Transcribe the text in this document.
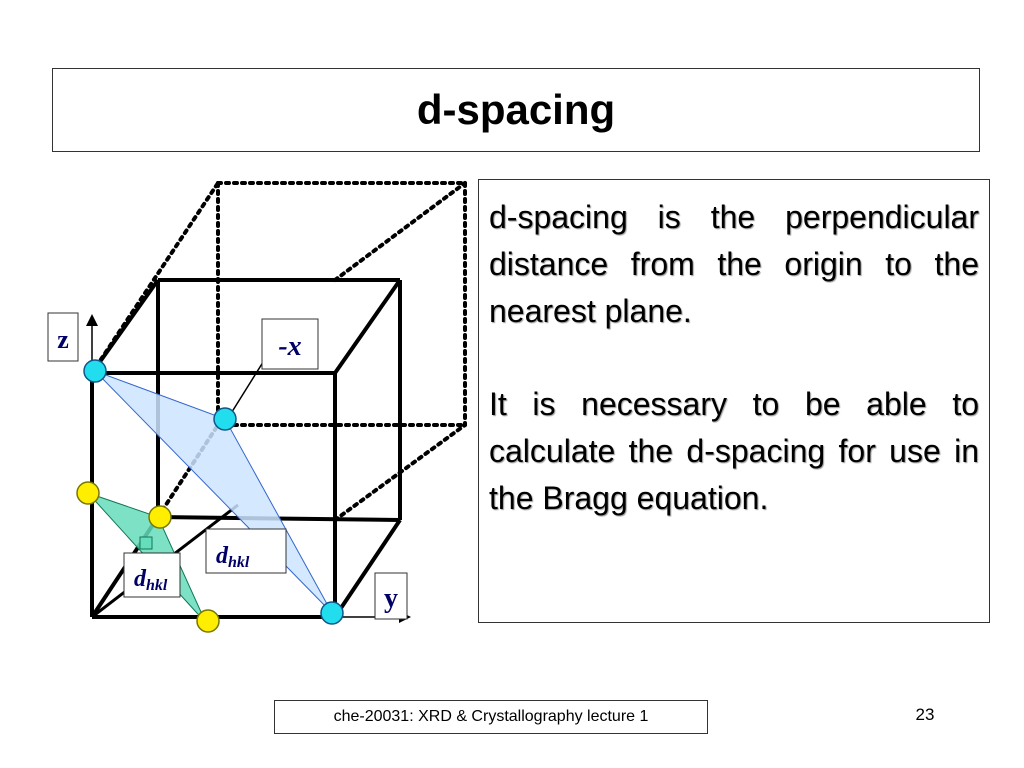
d-spacing
z	-x
y
dhkl
dhkl

d-spacing is the perpendicular distance from the origin to the nearest plane.

It is necessary to be able to calculate the d-spacing for use in the Bragg equation.

che-20031: XRD & Crystallography lecture 1	23
